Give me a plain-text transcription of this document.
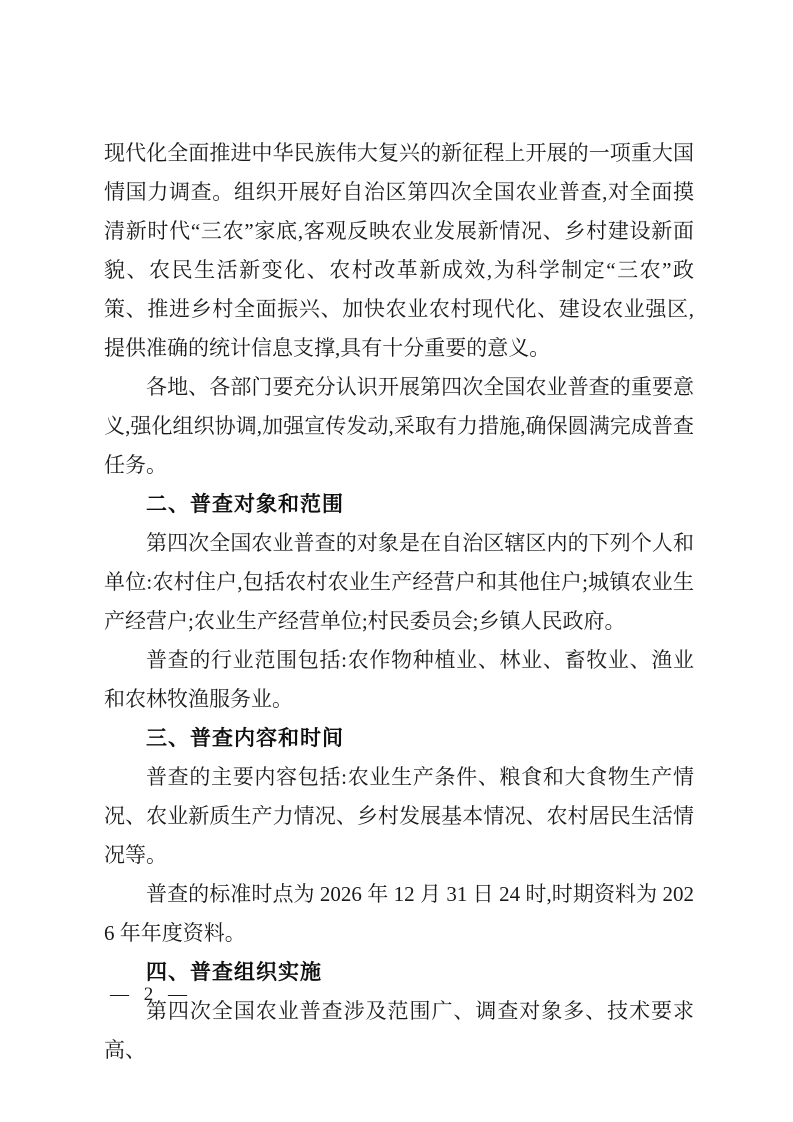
现代化全面推进中华民族伟大复兴的新征程上开展的一项重大国情国力调查。组织开展好自治区第四次全国农业普查,对全面摸清新时代“三农”家底,客观反映农业发展新情况、乡村建设新面貌、农民生活新变化、农村改革新成效,为科学制定“三农”政策、推进乡村全面振兴、加快农业农村现代化、建设农业强区,提供准确的统计信息支撑,具有十分重要的意义。

各地、各部门要充分认识开展第四次全国农业普查的重要意义,强化组织协调,加强宣传发动,采取有力措施,确保圆满完成普查任务。

二、普查对象和范围

第四次全国农业普查的对象是在自治区辖区内的下列个人和单位:农村住户,包括农村农业生产经营户和其他住户;城镇农业生产经营户;农业生产经营单位;村民委员会;乡镇人民政府。

普查的行业范围包括:农作物种植业、林业、畜牧业、渔业和农林牧渔服务业。

三、普查内容和时间

普查的主要内容包括:农业生产条件、粮食和大食物生产情况、农业新质生产力情况、乡村发展基本情况、农村居民生活情况等。

普查的标准时点为 2026 年 12 月 31 日 24 时,时期资料为 2026 年年度资料。

四、普查组织实施

第四次全国农业普查涉及范围广、调查对象多、技术要求高、

— 2 —
